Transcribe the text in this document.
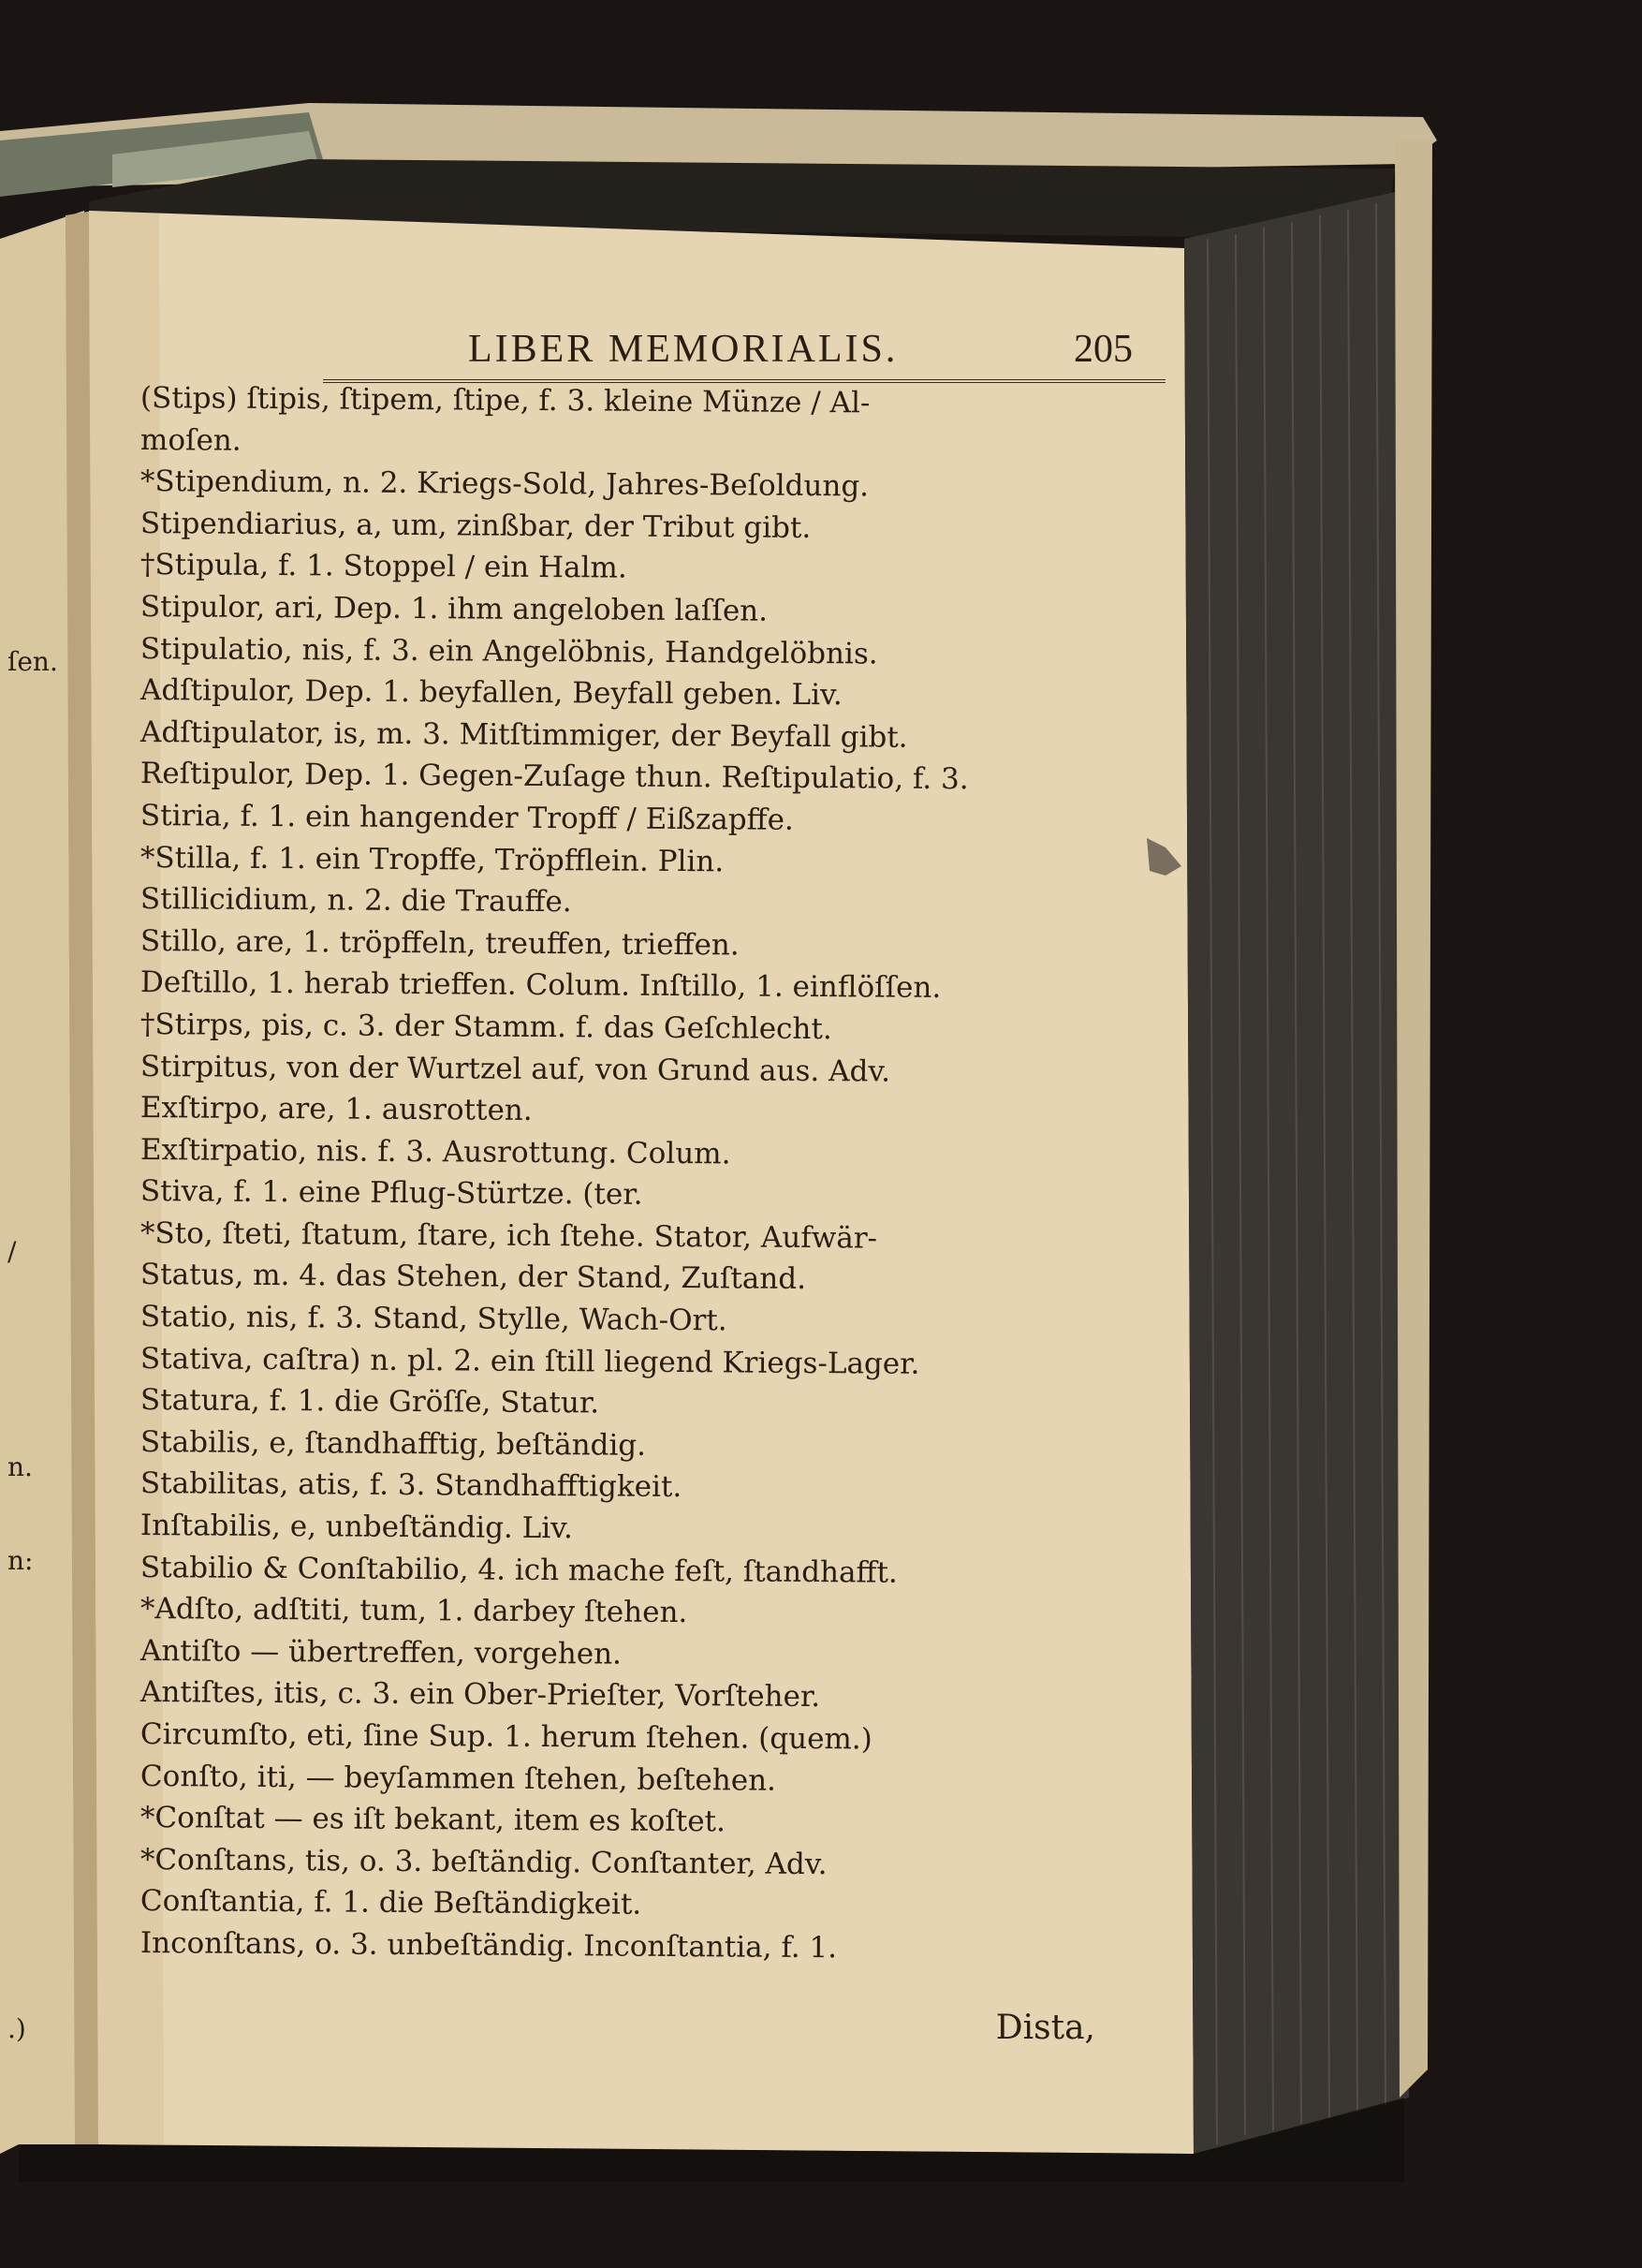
ſen.
/
n.
n:
.)
LIBER MEMORIALIS.	205
(Stips) ſtipis, ſtipem, ſtipe, f. 3. kleine Münze / Al-
moſen.
*Stipendium, n. 2. Kriegs-Sold, Jahres-Beſoldung.
Stipendiarius, a, um, zinßbar, der Tribut gibt.
†Stipula, f. 1. Stoppel / ein Halm.
Stipulor, ari, Dep. 1. ihm angeloben laſſen.
Stipulatio, nis, f. 3. ein Angelöbnis, Handgelöbnis.
Adſtipulor, Dep. 1. beyfallen, Beyfall geben. Liv.
Adſtipulator, is, m. 3. Mitſtimmiger, der Beyfall gibt.
Reſtipulor, Dep. 1. Gegen-Zuſage thun. Reſtipulatio, f. 3.
Stiria, f. 1. ein hangender Tropff / Eißzapffe.
*Stilla, f. 1. ein Tropffe, Tröpfflein. Plin.
Stillicidium, n. 2. die Trauffe.
Stillo, are, 1. tröpffeln, treuffen, trieffen.
Deſtillo, 1. herab trieffen. Colum. Inſtillo, 1. einflöſſen.
†Stirps, pis, c. 3. der Stamm. f. das Geſchlecht.
Stirpitus, von der Wurtzel auf, von Grund aus. Adv.
Exſtirpo, are, 1. ausrotten.
Exſtirpatio, nis. f. 3. Ausrottung. Colum.
Stiva, f. 1. eine Pflug-Stürtze. (ter.
*Sto, ſteti, ſtatum, ſtare, ich ſtehe. Stator, Aufwär-
Status, m. 4. das Stehen, der Stand, Zuſtand.
Statio, nis, f. 3. Stand, Stylle, Wach-Ort.
Stativa, caſtra) n. pl. 2. ein ſtill liegend Kriegs-Lager.
Statura, f. 1. die Gröſſe, Statur.
Stabilis, e, ſtandhafftig, beſtändig.
Stabilitas, atis, f. 3. Standhafftigkeit.
Inſtabilis, e, unbeſtändig. Liv.
Stabilio & Conſtabilio, 4. ich mache feſt, ſtandhafft.
*Adſto, adſtiti, tum, 1. darbey ſtehen.
Antiſto — übertreffen, vorgehen.
Antiſtes, itis, c. 3. ein Ober-Prieſter, Vorſteher.
Circumſto, eti, ſine Sup. 1. herum ſtehen. (quem.)
Conſto, iti, — beyſammen ſtehen, beſtehen.
*Conſtat — es iſt bekant, item es koſtet.
*Conſtans, tis, o. 3. beſtändig. Conſtanter, Adv.
Conſtantia, f. 1. die Beſtändigkeit.
Inconſtans, o. 3. unbeſtändig. Inconſtantia, f. 1.
Dista,
